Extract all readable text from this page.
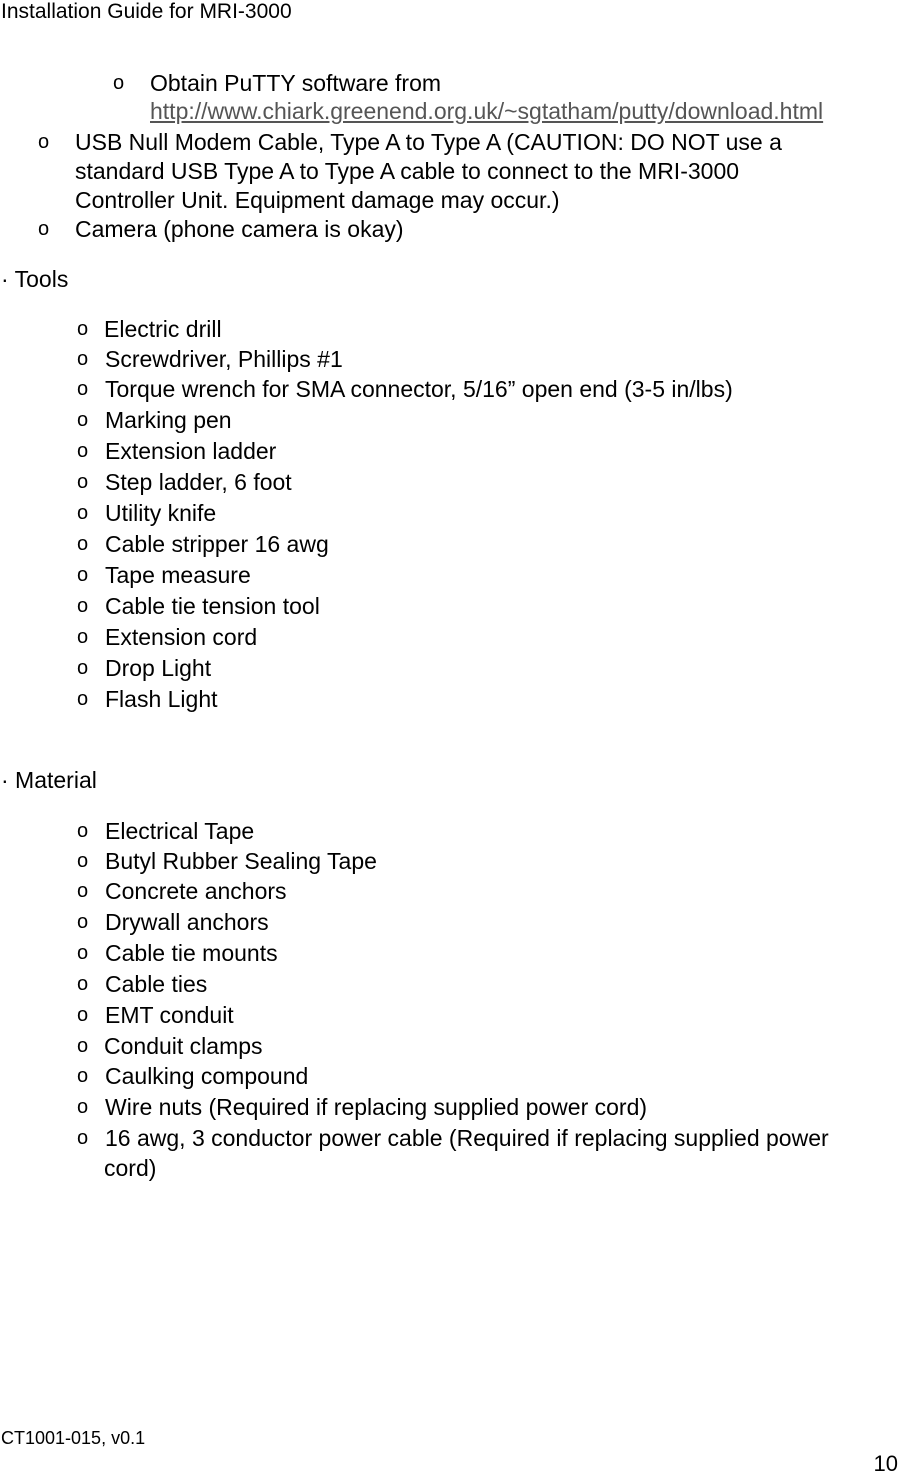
Installation Guide for MRI-3000
o Obtain PuTTY software from
http://www.chiark.greenend.org.uk/~sgtatham/putty/download.html
o USB Null Modem Cable, Type A to Type A (CAUTION: DO NOT use a
standard USB Type A to Type A cable to connect to the MRI-3000
Controller Unit. Equipment damage may occur.)
o Camera (phone camera is okay)
· Tools
o Electric drill
o Screwdriver, Phillips #1
o Torque wrench for SMA connector, 5/16” open end (3-5 in/lbs)
o Marking pen
o Extension ladder
o Step ladder, 6 foot
o Utility knife
o Cable stripper 16 awg
o Tape measure
o Cable tie tension tool
o Extension cord
o Drop Light
o Flash Light
· Material
o Electrical Tape
o Butyl Rubber Sealing Tape
o Concrete anchors
o Drywall anchors
o Cable tie mounts
o Cable ties
o EMT conduit
o Conduit clamps
o Caulking compound
o Wire nuts (Required if replacing supplied power cord)
o 16 awg, 3 conductor power cable (Required if replacing supplied power
cord)
CT1001-015, v0.1
10
